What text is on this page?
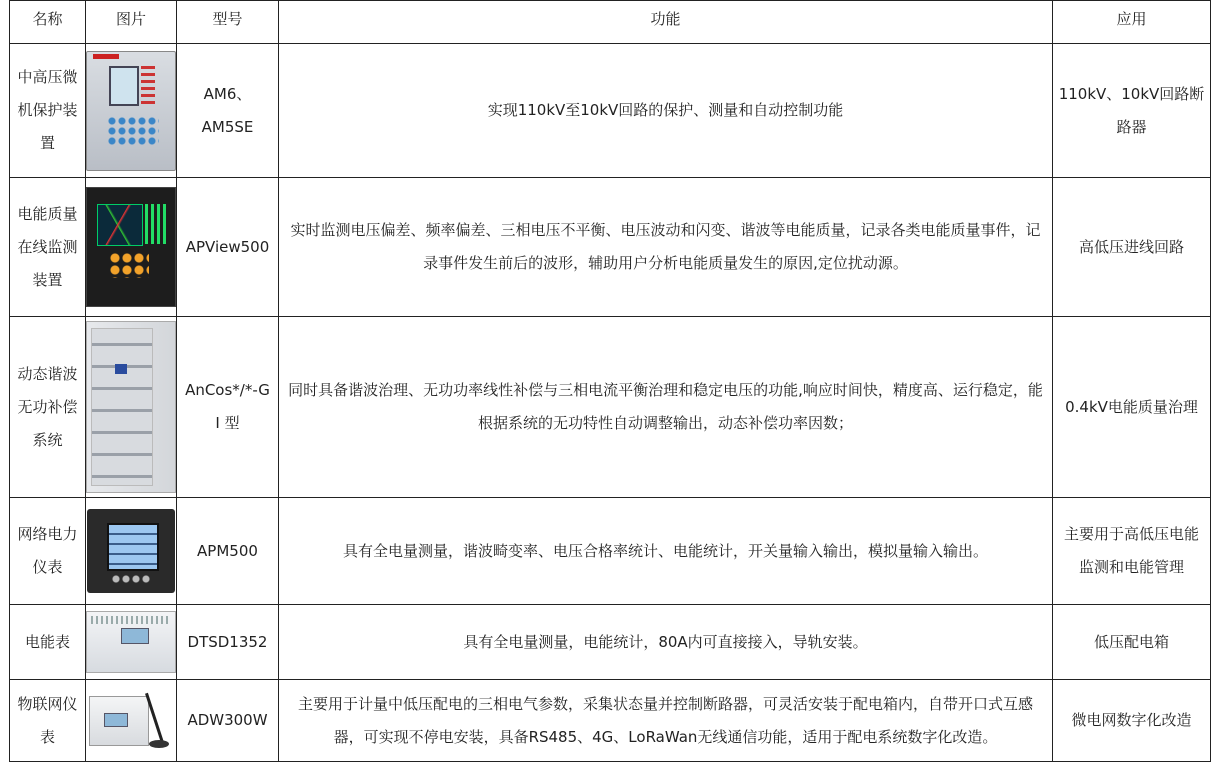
名称	图片	型号	功能	应用
中高压微机保护装置		AM6、AM5SE	实现110kV至10kV回路的保护、测量和自动控制功能	110kV、10kV回路断路器
电能质量在线监测装置		APView500	实时监测电压偏差、频率偏差、三相电压不平衡、电压波动和闪变、谐波等电能质量，记录各类电能质量事件，记录事件发生前后的波形，辅助用户分析电能质量发生的原因,定位扰动源。	高低压进线回路
动态谐波无功补偿系统		AnCos*/*-G I 型	同时具备谐波治理、无功功率线性补偿与三相电流平衡治理和稳定电压的功能,响应时间快，精度高、运行稳定，能根据系统的无功特性自动调整输出，动态补偿功率因数；	0.4kV电能质量治理
网络电力仪表		APM500	具有全电量测量，谐波畸变率、电压合格率统计、电能统计，开关量输入输出，模拟量输入输出。	主要用于高低压电能监测和电能管理
电能表		DTSD1352	具有全电量测量，电能统计，80A内可直接接入，导轨安装。	低压配电箱
物联网仪表		ADW300W	主要用于计量中低压配电的三相电气参数，采集状态量并控制断路器，可灵活安装于配电箱内，自带开口式互感器，可实现不停电安装，具备RS485、4G、LoRaWan无线通信功能，适用于配电系统数字化改造。	微电网数字化改造
